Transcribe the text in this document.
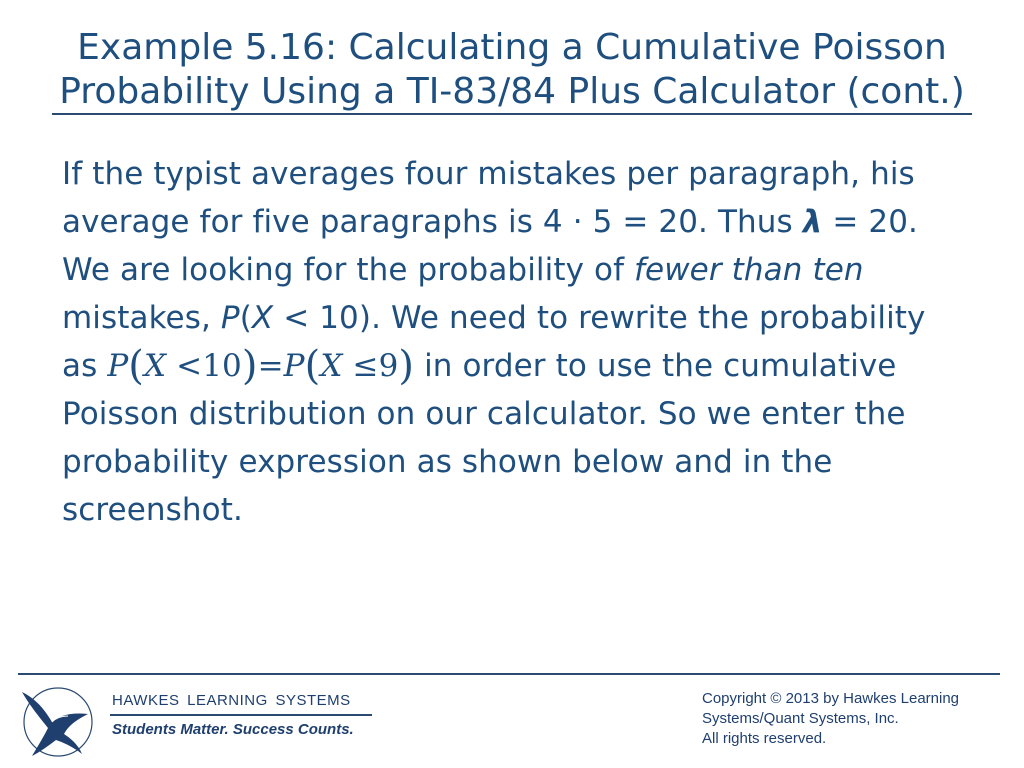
Example 5.16: Calculating a Cumulative Poisson
Probability Using a TI-83/84 Plus Calculator (cont.)
If the typist averages four mistakes per paragraph, his
average for five paragraphs is 4 · 5 = 20. Thus λ = 20.
We are looking for the probability of fewer than ten
mistakes, P(X < 10). We need to rewrite the probability
as P(X <10)=P(X ≤9) in order to use the cumulative
Poisson distribution on our calculator. So we enter the
probability expression as shown below and in the
screenshot.
HAWKES LEARNING SYSTEMS
Students Matter. Success Counts.
Copyright © 2013 by Hawkes Learning
Systems/Quant Systems, Inc.
All rights reserved.
